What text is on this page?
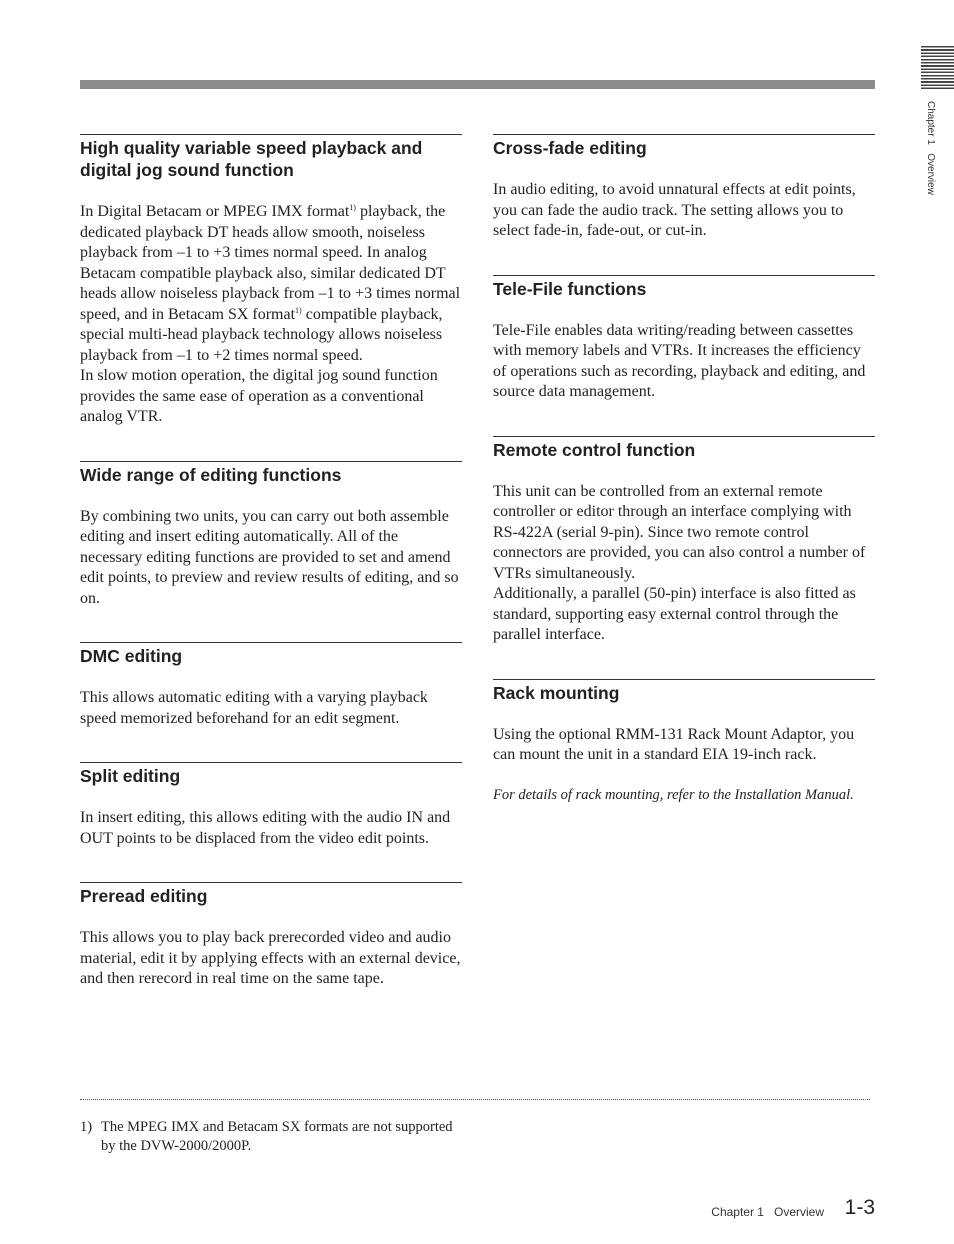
Chapter 1   Overview
High quality variable speed playback and digital jog sound function

In Digital Betacam or MPEG IMX format$^{1)}$ playback, the dedicated playback DT heads allow smooth, noiseless playback from –1 to +3 times normal speed. In analog Betacam compatible playback also, similar dedicated DT heads allow noiseless playback from –1 to +3 times normal speed, and in Betacam SX format$^{1)}$ compatible playback, special multi-head playback technology allows noiseless playback from –1 to +2 times normal speed.

In slow motion operation, the digital jog sound function provides the same ease of operation as a conventional analog VTR.

Wide range of editing functions

By combining two units, you can carry out both assemble editing and insert editing automatically. All of the necessary editing functions are provided to set and amend edit points, to preview and review results of editing, and so on.

DMC editing

This allows automatic editing with a varying playback speed memorized beforehand for an edit segment.

Split editing

In insert editing, this allows editing with the audio IN and OUT points to be displaced from the video edit points.

Preread editing

This allows you to play back prerecorded video and audio material, edit it by applying effects with an external device, and then rerecord in real time on the same tape.

Cross-fade editing

In audio editing, to avoid unnatural effects at edit points, you can fade the audio track. The setting allows you to select fade-in, fade-out, or cut-in.

Tele-File functions

Tele-File enables data writing/reading between cassettes with memory labels and VTRs. It increases the efficiency of operations such as recording, playback and editing, and source data management.

Remote control function

This unit can be controlled from an external remote controller or editor through an interface complying with RS-422A (serial 9-pin). Since two remote control connectors are provided, you can also control a number of VTRs simultaneously.

Additionally, a parallel (50-pin) interface is also fitted as standard, supporting easy external control through the parallel interface.

Rack mounting

Using the optional RMM-131 Rack Mount Adaptor, you can mount the unit in a standard EIA 19-inch rack.

For details of rack mounting, refer to the Installation Manual.

1) The MPEG IMX and Betacam SX formats are not supported by the DVW-2000/2000P.
Chapter 1   Overview 1-3
